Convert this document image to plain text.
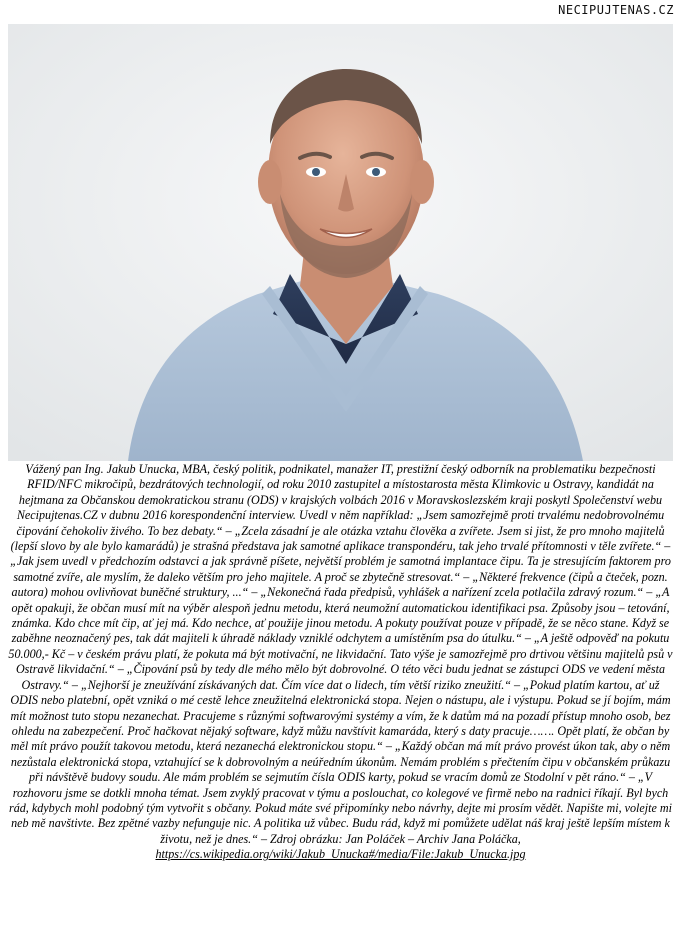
NECIPUJTENAS.CZ

Vážený pan Ing. Jakub Unucka, MBA, český politik, podnikatel, manažer IT, prestižní český odborník na problematiku bezpečnosti RFID/NFC mikročipů, bezdrátových technologií, od roku 2010 zastupitel a místostarosta města Klimkovic u Ostravy, kandidát na hejtmana za Občanskou demokratickou stranu (ODS) v krajských volbách 2016 v Moravskoslezském kraji poskytl Společenství webu Necipujtenas.CZ v dubnu 2016 korespondenční interview. Uvedl v něm například: „Jsem samozřejmě proti trvalému nedobrovolnému čipování čehokoliv živého. To bez debaty.“ – „Zcela zásadní je ale otázka vztahu člověka a zvířete. Jsem si jist, že pro mnoho majitelů (lepší slovo by ale bylo kamarádů) je strašná představa jak samotné aplikace transpondéru, tak jeho trvalé přítomnosti v těle zvířete.“ – „Jak jsem uvedl v předchozím odstavci a jak správně píšete, největší problém je samotná implantace čipu. Ta je stresujícím faktorem pro samotné zvíře, ale myslím, že daleko větším pro jeho majitele. A proč se zbytečně stresovat.“ – „Některé frekvence (čipů a čteček, pozn. autora) mohou ovlivňovat buněčné struktury, ...“ – „Nekonečná řada předpisů, vyhlášek a nařízení zcela potlačila zdravý rozum.“ – „A opět opakuji, že občan musí mít na výběr alespoň jednu metodu, která neumožní automatickou identifikaci psa. Způsoby jsou – tetování, známka. Kdo chce mít čip, ať jej má. Kdo nechce, ať použije jinou metodu. A pokuty používat pouze v případě, že se něco stane. Když se zaběhne neoznačený pes, tak dát majiteli k úhradě náklady vzniklé odchytem a umístěním psa do útulku.“ – „A ještě odpověď na pokutu 50.000,- Kč – v českém právu platí, že pokuta má být motivační, ne likvidační. Tato výše je samozřejmě pro drtivou většinu majitelů psů v Ostravě likvidační.“ – „Čipování psů by tedy dle mého mělo být dobrovolné. O této věci budu jednat se zástupci ODS ve vedení města Ostravy.“ – „Nejhorší je zneužívání získávaných dat. Čím více dat o lidech, tím větší riziko zneužití.“ – „Pokud platím kartou, ať už ODIS nebo platební, opět vzniká o mé cestě lehce zneužitelná elektronická stopa. Nejen o nástupu, ale i výstupu. Pokud se jí bojím, mám mít možnost tuto stopu nezanechat. Pracujeme s různými softwarovými systémy a vím, že k datům má na pozadí přístup mnoho osob, bez ohledu na zabezpečení. Proč hačkovat nějaký software, když můžu navštívit kamaráda, který s daty pracuje……. Opět platí, že občan by měl mít právo použít takovou metodu, která nezanechá elektronickou stopu.“ – „Každý občan má mít právo provést úkon tak, aby o něm nezůstala elektronická stopa, vztahující se k dobrovolným a neúředním úkonům. Nemám problém s přečtením čipu v občanském průkazu při návštěvě budovy soudu. Ale mám problém se sejmutím čísla ODIS karty, pokud se vracím domů ze Stodolní v pět ráno.“ – „V rozhovoru jsme se dotkli mnoha témat. Jsem zvyklý pracovat v týmu a poslouchat, co kolegové ve firmě nebo na radnici říkají. Byl bych rád, kdybych mohl podobný tým vytvořit s občany. Pokud máte své připomínky nebo návrhy, dejte mi prosím vědět. Napište mi, volejte mi neb mě navštivte. Bez zpětné vazby nefunguje nic. A politika už vůbec. Budu rád, když mi pomůžete udělat náš kraj ještě lepším místem k životu, než je dnes.“ – Zdroj obrázku: Jan Poláček – Archiv Jana Poláčka, https://cs.wikipedia.org/wiki/Jakub_Unucka#/media/File:Jakub_Unucka.jpg
